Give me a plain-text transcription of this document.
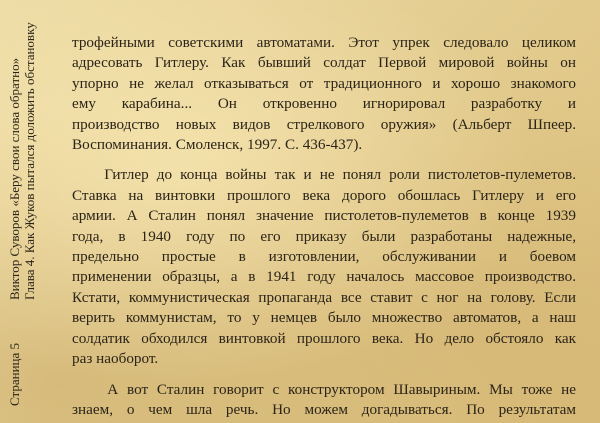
Страница 5Виктор Суворов «Беру свои слова обратно» Глава 4. Как Жуков пытался доложить обстановку трофейными советскими автоматами. Этот упрек следовало целиком

адресовать Гитлеру. Как бывший солдат Первой мировой войны он

упорно не желал отказываться от традиционного и хорошо знакомого

ему карабина... Он откровенно игнорировал разработку и

производство новых видов стрелкового оружия» (Альберт Шпеер.

Воспоминания. Смоленск, 1997. С. 436-437).

Гитлер до конца войны так и не понял роли пистолетов-пулеметов.

Ставка на винтовки прошлого века дорого обошлась Гитлеру и его

армии. А Сталин понял значение пистолетов-пулеметов в конце 1939

года, в 1940 году по его приказу были разработаны надежные,

предельно простые в изготовлении, обслуживании и боевом

применении образцы, а в 1941 году началось массовое производство.

Кстати, коммунистическая пропаганда все ставит с ног на голову. Если

верить коммунистам, то у немцев было множество автоматов, а наш

солдатик обходился винтовкой прошлого века. Но дело обстояло как

раз наоборот.

А вот Сталин говорит с конструктором Шавыриным. Мы тоже не

знаем, о чем шла речь. Но можем догадываться. По результатам
